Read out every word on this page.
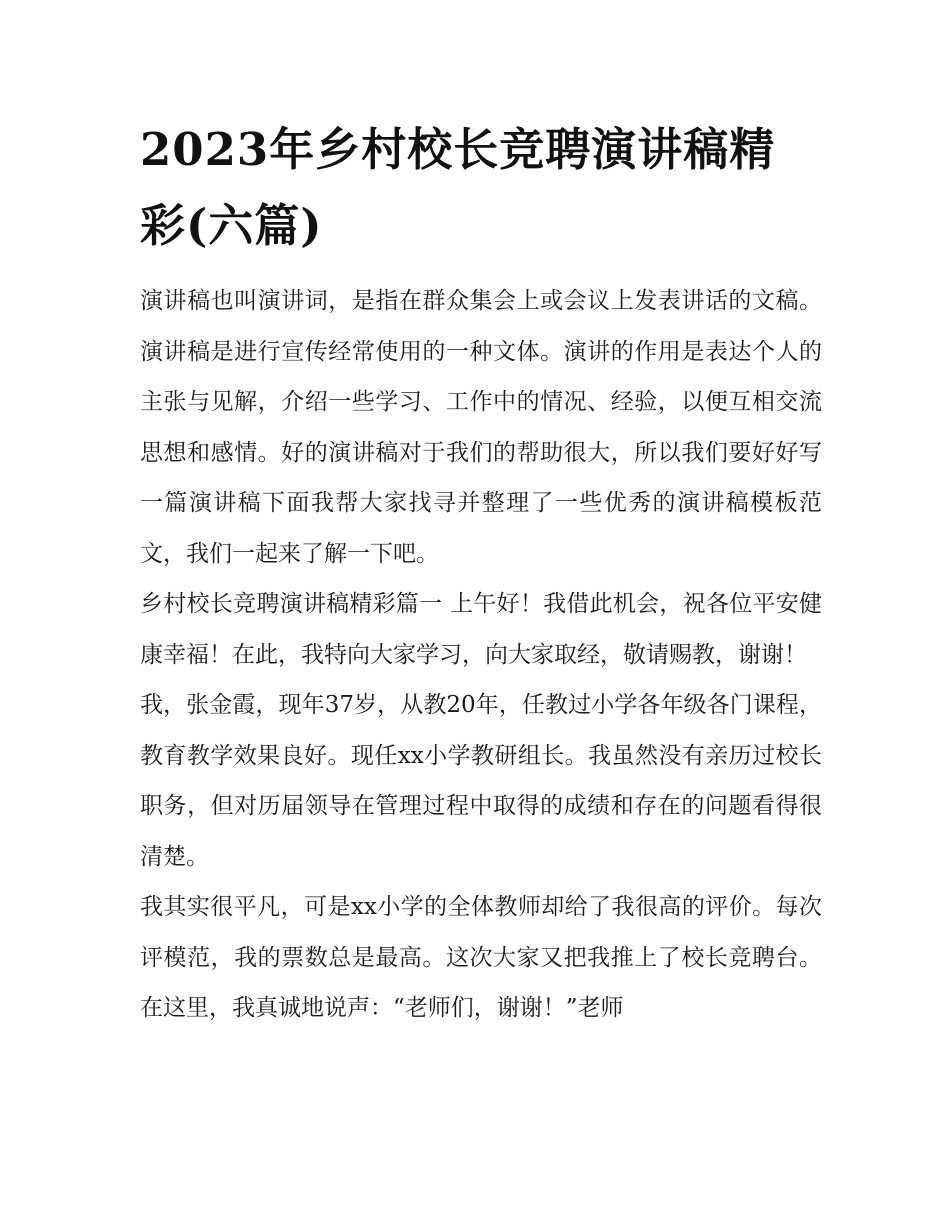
2023年乡村校长竞聘演讲稿精彩(六篇)

演讲稿也叫演讲词，是指在群众集会上或会议上发表讲话的文稿。演讲稿是进行宣传经常使用的一种文体。演讲的作用是表达个人的主张与见解，介绍一些学习、工作中的情况、经验，以便互相交流思想和感情。好的演讲稿对于我们的帮助很大，所以我们要好好写一篇演讲稿下面我帮大家找寻并整理了一些优秀的演讲稿模板范文，我们一起来了解一下吧。

乡村校长竞聘演讲稿精彩篇一 上午好！我借此机会，祝各位平安健康幸福！在此，我特向大家学习，向大家取经，敬请赐教，谢谢！

我，张金霞，现年37岁，从教20年，任教过小学各年级各门课程，教育教学效果良好。现任xx小学教研组长。我虽然没有亲历过校长职务，但对历届领导在管理过程中取得的成绩和存在的问题看得很清楚。

我其实很平凡，可是xx小学的全体教师却给了我很高的评价。每次评模范，我的票数总是最高。这次大家又把我推上了校长竞聘台。在这里，我真诚地说声：“老师们，谢谢！”老师
